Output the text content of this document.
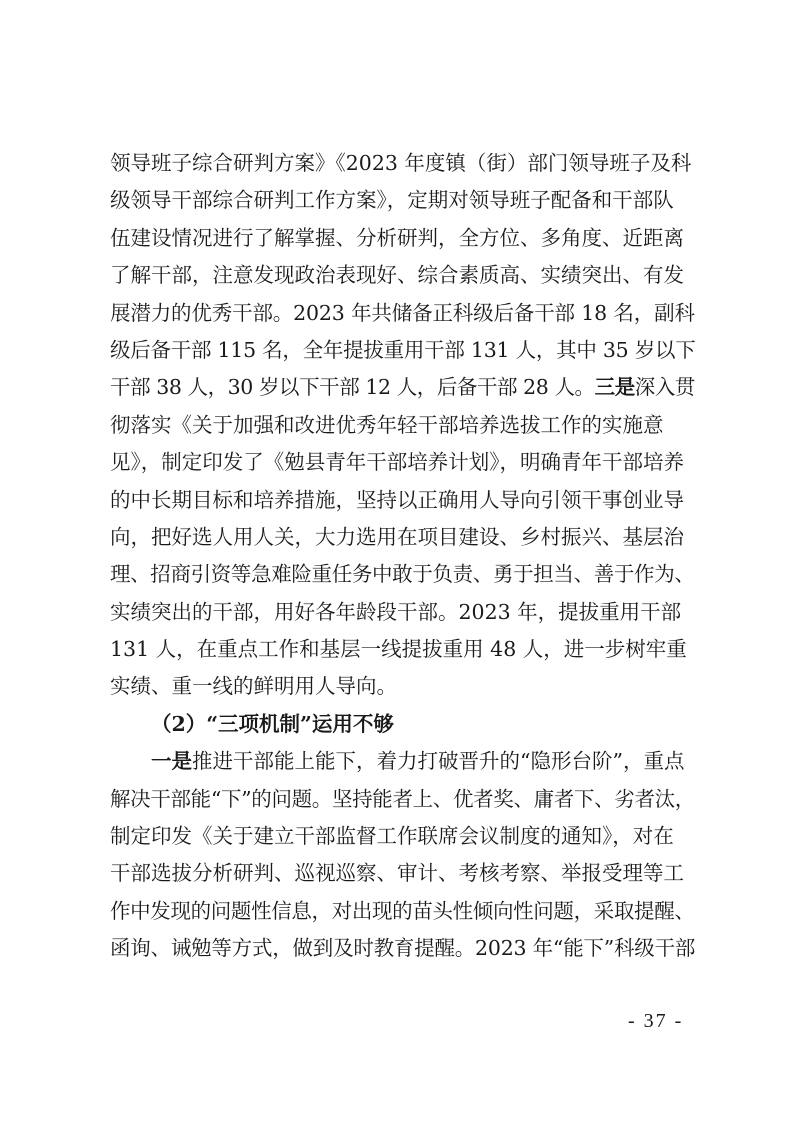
领导班子综合研判方案》《2023 年度镇（街）部门领导班子及科
级领导干部综合研判工作方案》，定期对领导班子配备和干部队
伍建设情况进行了解掌握、分析研判，全方位、多角度、近距离
了解干部，注意发现政治表现好、综合素质高、实绩突出、有发
展潜力的优秀干部。2023 年共储备正科级后备干部 18 名，副科
级后备干部 115 名，全年提拔重用干部 131 人，其中 35 岁以下
干部 38 人，30 岁以下干部 12 人，后备干部 28 人。三是深入贯
彻落实《关于加强和改进优秀年轻干部培养选拔工作的实施意
见》，制定印发了《勉县青年干部培养计划》，明确青年干部培养
的中长期目标和培养措施，坚持以正确用人导向引领干事创业导
向，把好选人用人关，大力选用在项目建设、乡村振兴、基层治
理、招商引资等急难险重任务中敢于负责、勇于担当、善于作为、
实绩突出的干部，用好各年龄段干部。2023 年，提拔重用干部
131 人，在重点工作和基层一线提拔重用 48 人，进一步树牢重
实绩、重一线的鲜明用人导向。
（2）“三项机制”运用不够
一是推进干部能上能下，着力打破晋升的“隐形台阶”，重点
解决干部能“下”的问题。坚持能者上、优者奖、庸者下、劣者汰，
制定印发《关于建立干部监督工作联席会议制度的通知》，对在
干部选拔分析研判、巡视巡察、审计、考核考察、举报受理等工
作中发现的问题性信息，对出现的苗头性倾向性问题，采取提醒、
函询、诫勉等方式，做到及时教育提醒。2023 年“能下”科级干部
- 37 -
